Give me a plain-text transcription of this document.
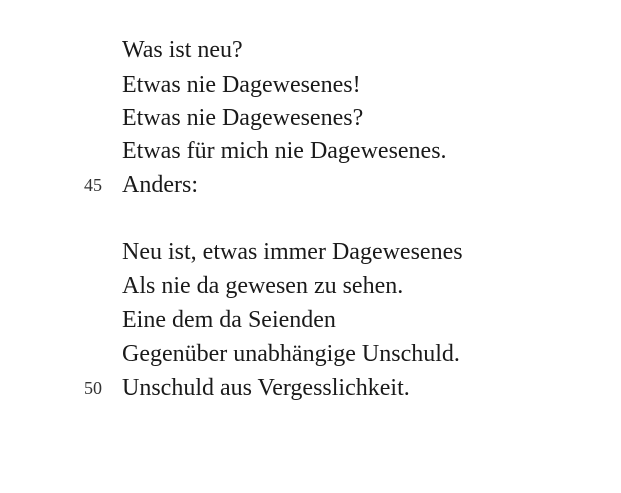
Was ist neu?
Etwas nie Dagewesenes!
Etwas nie Dagewesenes?
Etwas für mich nie Dagewesenes.
45 Anders:
Neu ist, etwas immer Dagewesenes
Als nie da gewesen zu sehen.
Eine dem da Seienden
Gegenüber unabhängige Unschuld.
50 Unschuld aus Vergesslichkeit.
